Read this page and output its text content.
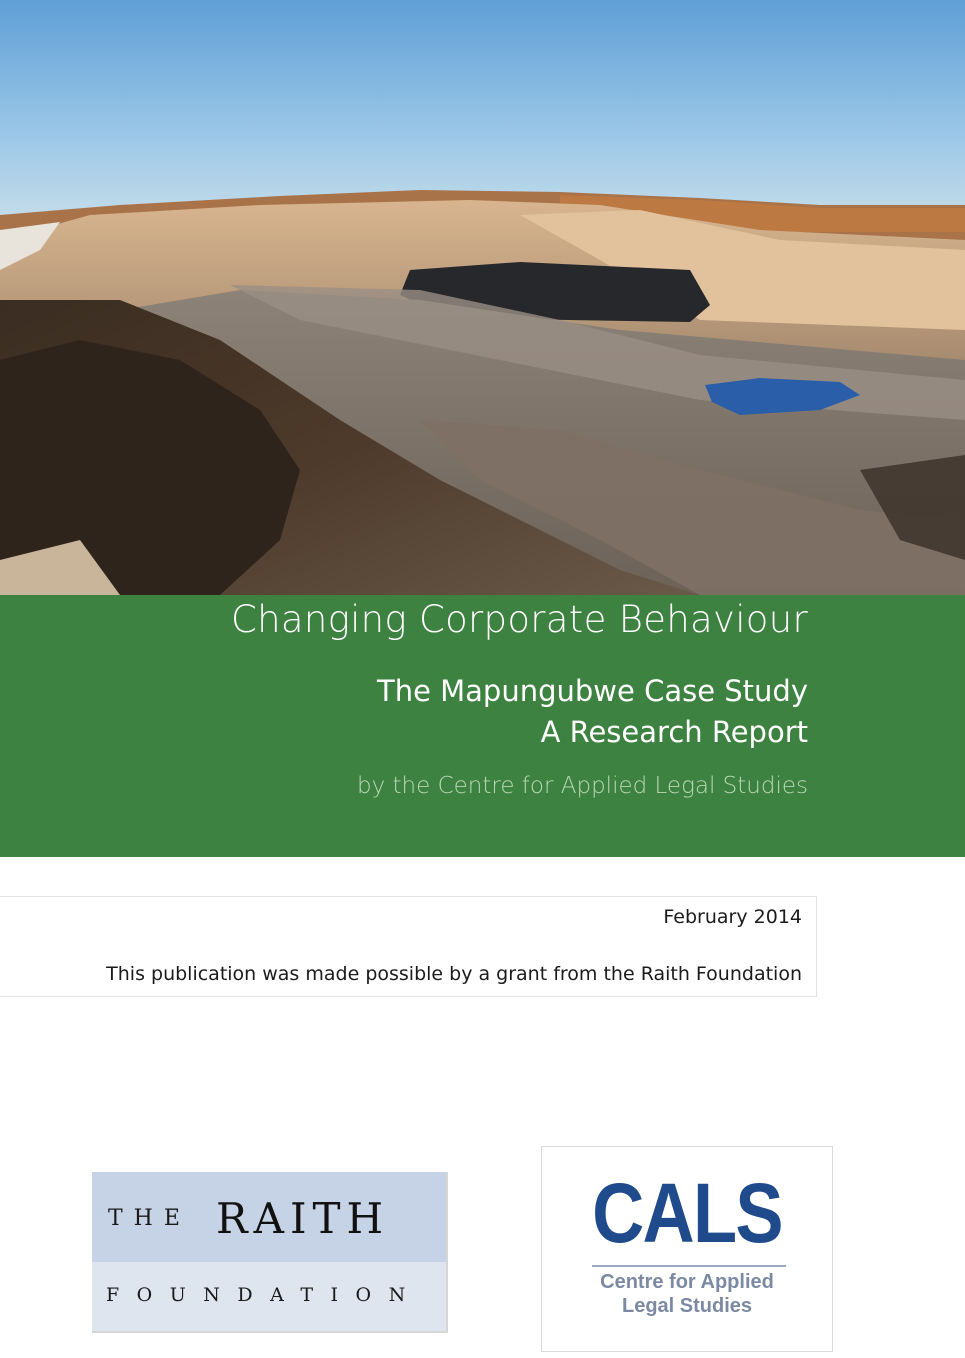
Changing Corporate Behaviour
The Mapungubwe Case Study
A Research Report
by the Centre for Applied Legal Studies
February 2014
This publication was made possible by a grant from the Raith Foundation
THE RAITH
FOUNDATION
CALS
Centre for Applied
Legal Studies
